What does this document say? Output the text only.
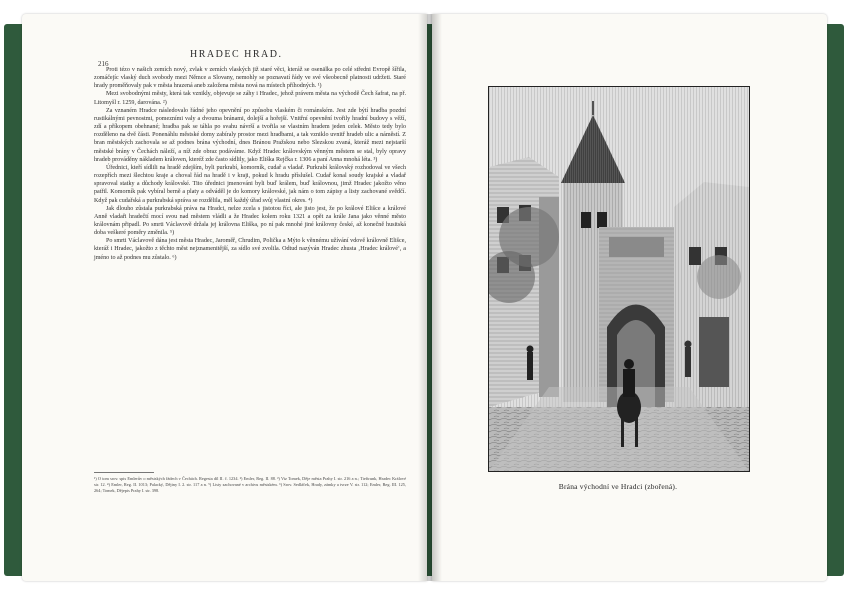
HRADEC HRAD.
216

Proti tézo v našich zemích nový, zvlak v zemích vlaských již staré věci, kteráž se osenälka po celé středni Evropě šířila, zomáčejíc vlaský duch svobody mezi Němce a Slovany, nemohly se poznavatí řády ve své všeobecně platnosti udržeti. Staré hrady proměňovaly pak v města hrazená aneb založena města nová na místech příhodných. ¹)

Mezi svobodnými městy, která tak vznikly, objevuje se záhy i Hradec, jehož právem města na východě Čech šafrat, na př. Litomyšl r. 1259, darována. ²)

Za vznaném Hradce následovalo řádné jeho opevnění po způsobu vlaském či románském. Jest zde býtí hradba pozdní rustikálnými pevnostmi, pomezními valy a dvouma bránami, dolejší a hořejší. Vnitřní opevnění tvořily hradní budovy s věží, zdí a příkopem obehnané; hradba pak se táhla po svahu návrší a tvořila se vlastním hradem jeden celek. Město tedy bylo rozděleno na dvě části. Ponenáhlu městské domy zabíraly prostor mezi hradbami, a tak vzniklo uvnitř hradeb ulic a náměstí. Z bran městských zachovala se až podnes brána východní, dnes Bránou Pražskou nebo Slezskou zvaná, kteráž mezi nejstarší městské brány v Čechách náleží, a níž zde obraz podáváme. Když Hradec královským věnným městem se stal, byly opravy hradeb prováděny nákladem královen, kteréž zde často sídlily, jako Eliška Rejčka r. 1306 a paní Anna mnohá léta. ³)

Úřednici, kteří sídlili na hradě zdejším, byli purkrabí, komorník, cudař a vladař. Purkrabí královský rozhodoval ve všech rozepřích mezi šlechtou kraje a choval řád na hradě i v kraji, pokud k hradu příslušel. Cudař konal soudy krajské a vladař spravoval statky a důchody královské. Tito úřednici jmenováni byli buď králem, buď královnou, jimž Hradec jakožto věno patřil. Komorník pak vybíral berně a platy a odváděl je do komory královské, jak nám o tom zápisy a listy zachované svědčí. Když pak cudařská a purkrabská správa se rozdělila, měl každý úřad svůj vlastní okres. ⁴)

Jak dlouho zůstala purkrabská práva na Hradci, nelze zcela s jistotou říci, ale jisto jest, že po králové Elišce a králové Anně vladaři hradečtí mocí svou nad městem vládli a že Hradec kolem roku 1321 a opět za krále Jana jako věnné město královnám připadl. Po smrti Václavově držala jej královna Eliška, po ní pak mnohé jiné královny české, až konečně husitská doba veškeré poměry změnila. ⁵)

Po smrti Václavově dána jest města Hradec, Jaroměř, Chrudim, Polička a Mýto k věnnému užívání vdově královně Elišce, kteráž i Hradec, jakožto z těchto měst nejznamenitější, za sídlo své zvolila. Odtud nazýván Hradec zhusta ‚Hradec králové‘, a jméno to až podnes mu zůstalo. ⁶)

¹) O tom srov. spis Emlerův o městských řádech v Čechách. Regesta díl II. č. 1234. ²) Emler, Reg. II. 88. ³) Viz Tomek, Děje města Prahy I. str. 216 a n.; Tieftrunk, Hradec Králové str. 12. ⁴) Emler, Reg. II. 1013; Palacký, Dějiny I. 2. str. 117 a n. ⁵) Listy zachované v archivu městském. ⁶) Srov. Sedláček, Hrady, zámky a tvrze V. str. 112; Emler, Reg. III. 125, 264; Tomek, Dějepis Prahy I. str. 398.	Brána východní ve Hradci (zbořená).
